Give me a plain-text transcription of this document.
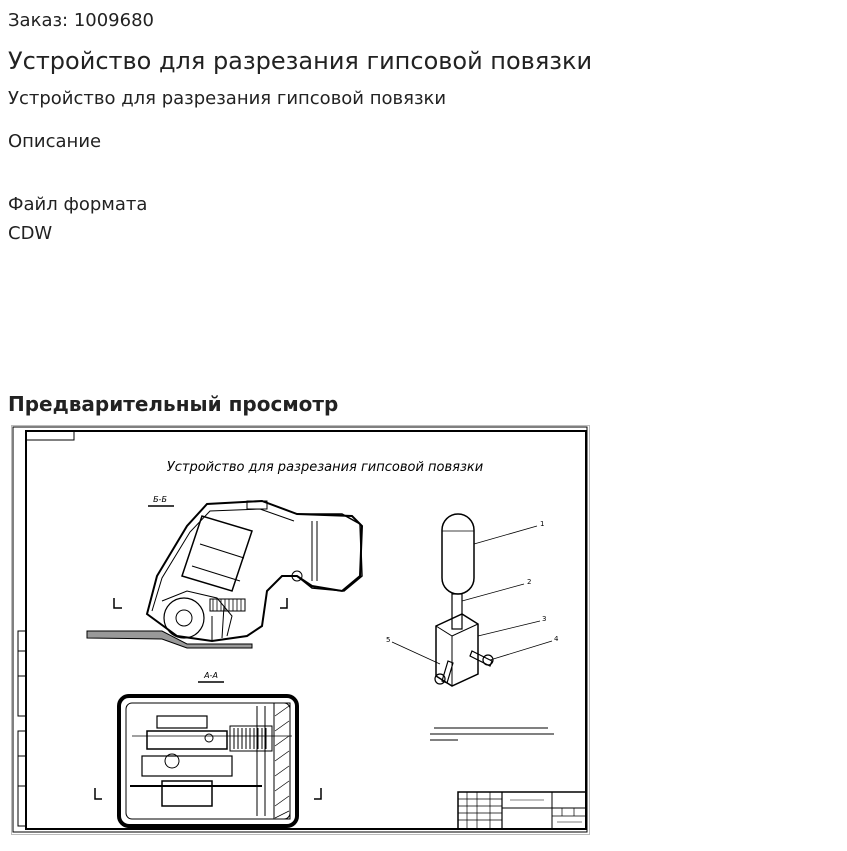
Заказ: 1009680
Устройство для разрезания гипсовой повязки
Устройство для разрезания гипсовой повязки
Описание
Файл формата
CDW
Предварительный просмотр
Устройство для разрезания гипсовой повязки
Б-Б
А-А
1
2
3
4
5
